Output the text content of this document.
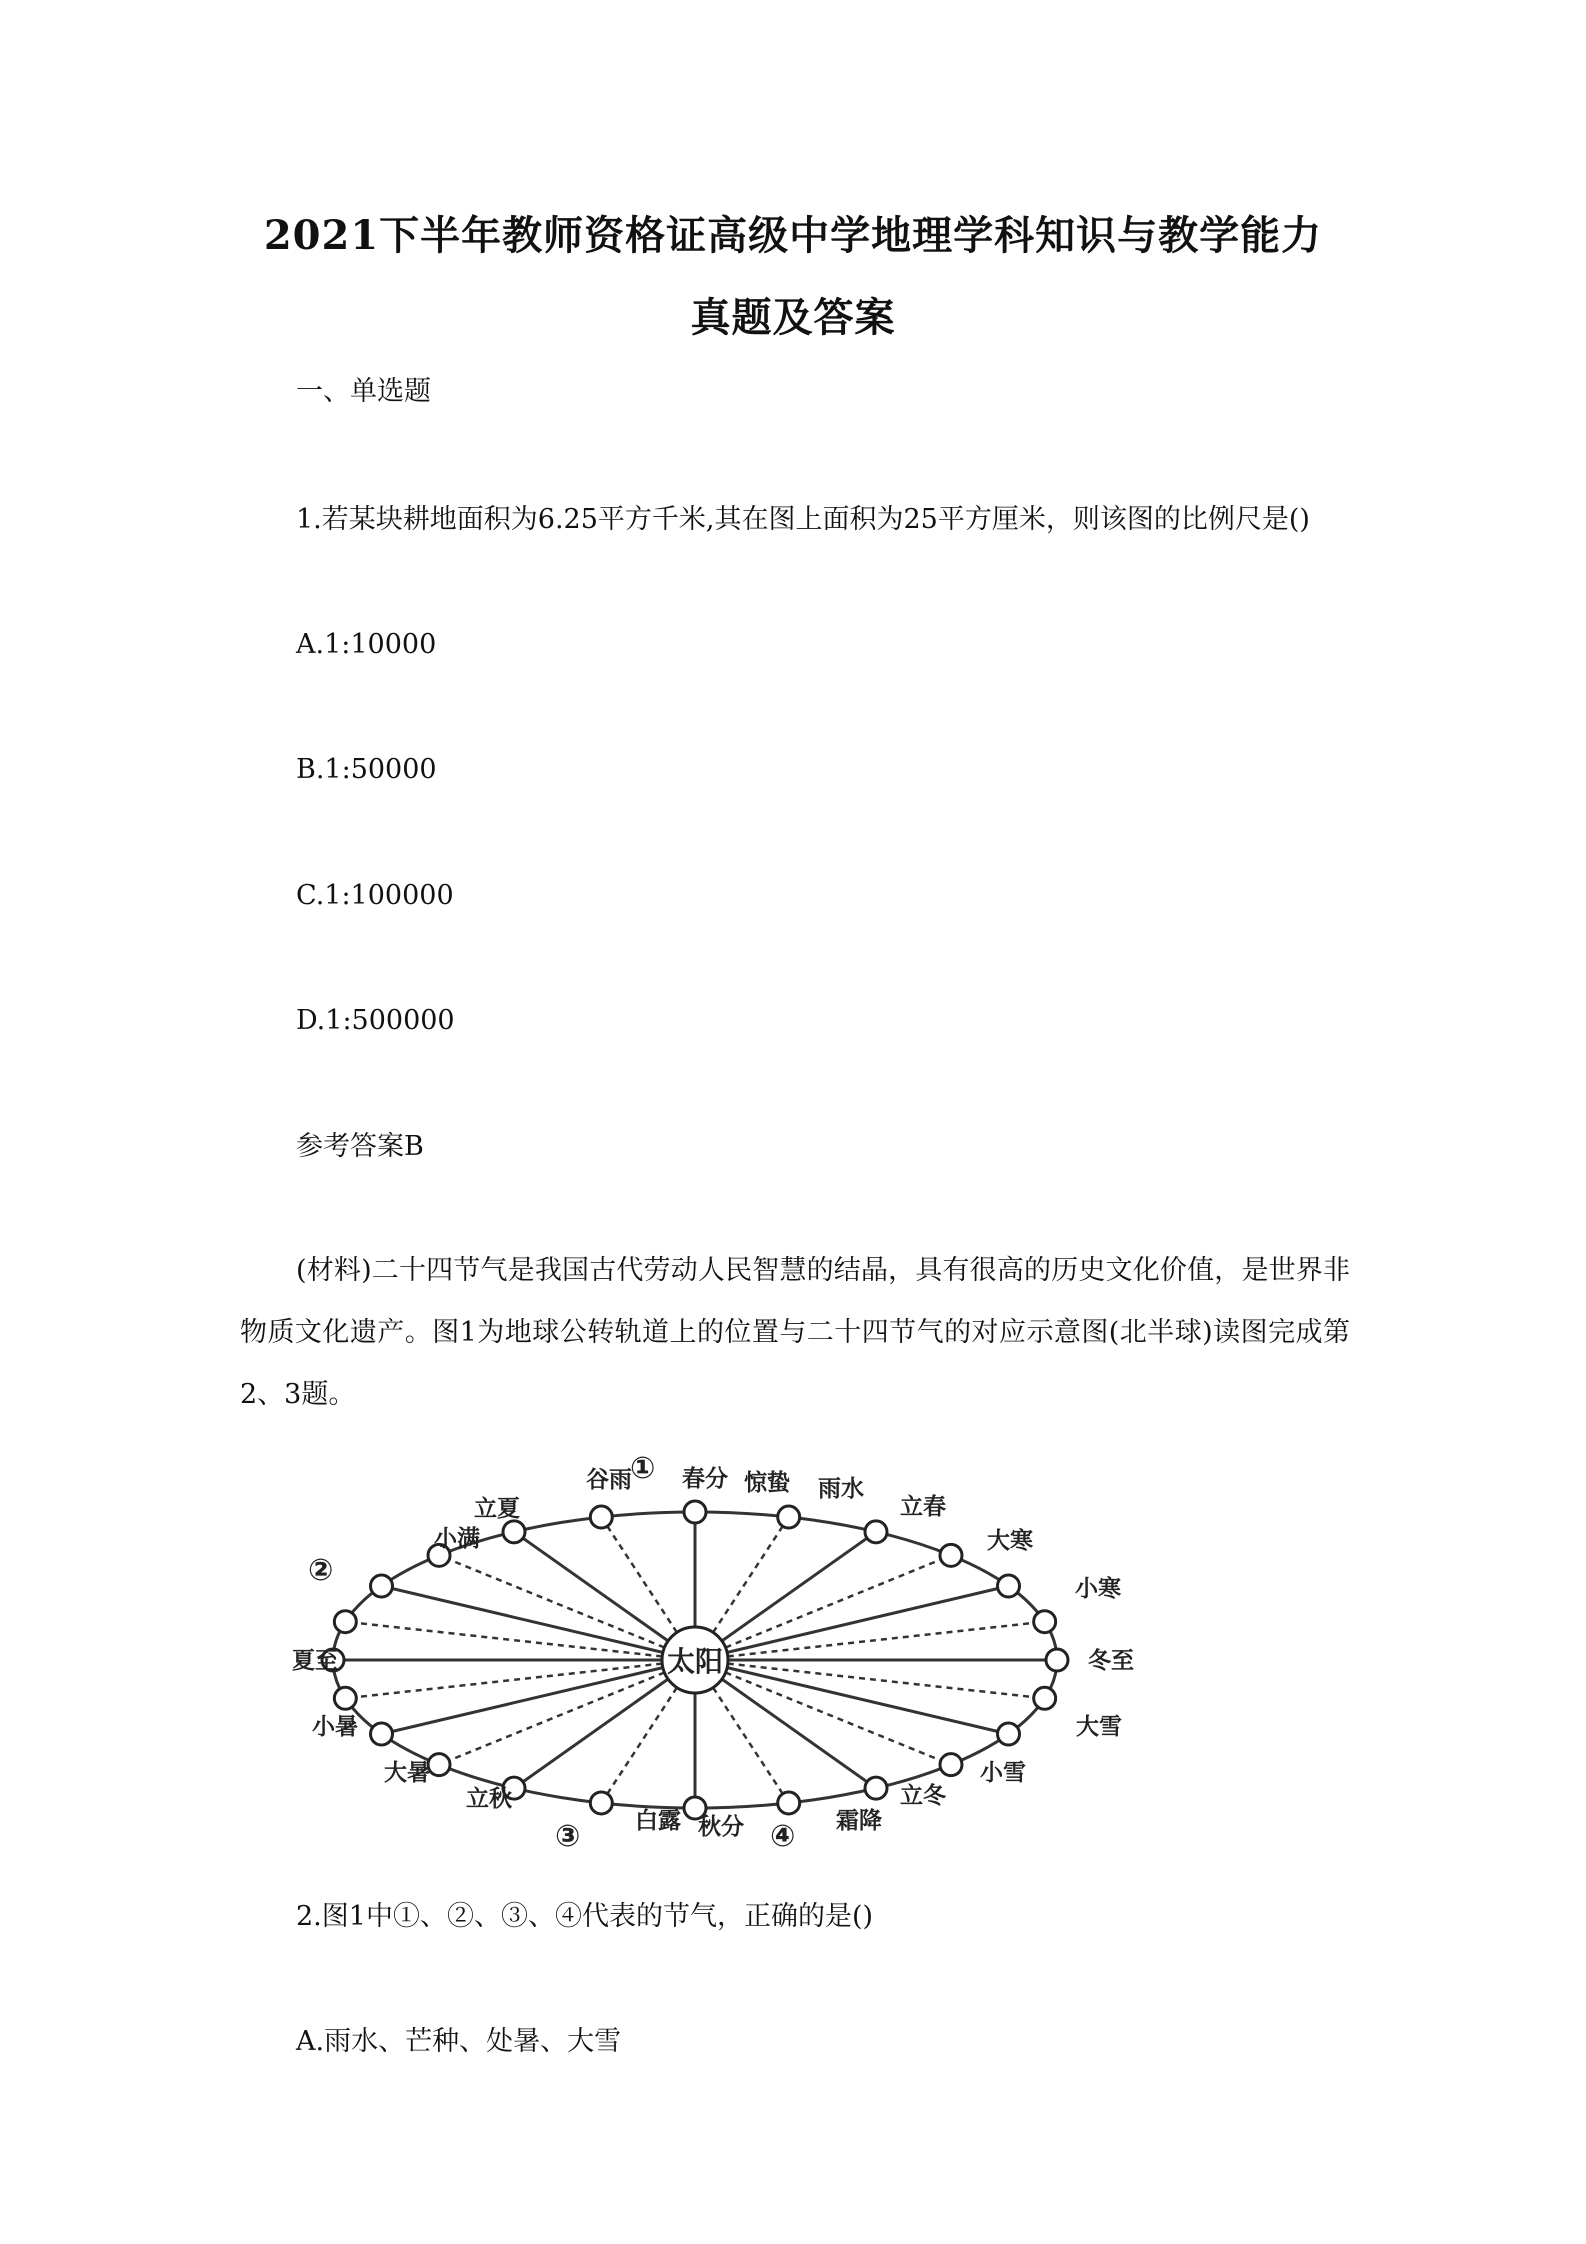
2021下半年教师资格证高级中学地理学科知识与教学能力
真题及答案
一、单选题
1.若某块耕地面积为6.25平方千米,其在图上面积为25平方厘米，则该图的比例尺是()
A.1:10000
B.1:50000
C.1:100000
D.1:500000
参考答案B
(材料)二十四节气是我国古代劳动人民智慧的结晶，具有很高的历史文化价值，是世界非物质文化遗产。图1为地球公转轨道上的位置与二十四节气的对应示意图(北半球)读图完成第2、3题。
太阳
小满
立夏
谷雨 春分 惊蛰 雨水
立春
大寒
小寒
冬至
大雪
小雪
立冬
霜降
秋分
白露
立秋
大暑
小暑
夏至
①
②
③	④
2.图1中①、②、③、④代表的节气，正确的是()
A.雨水、芒种、处暑、大雪
